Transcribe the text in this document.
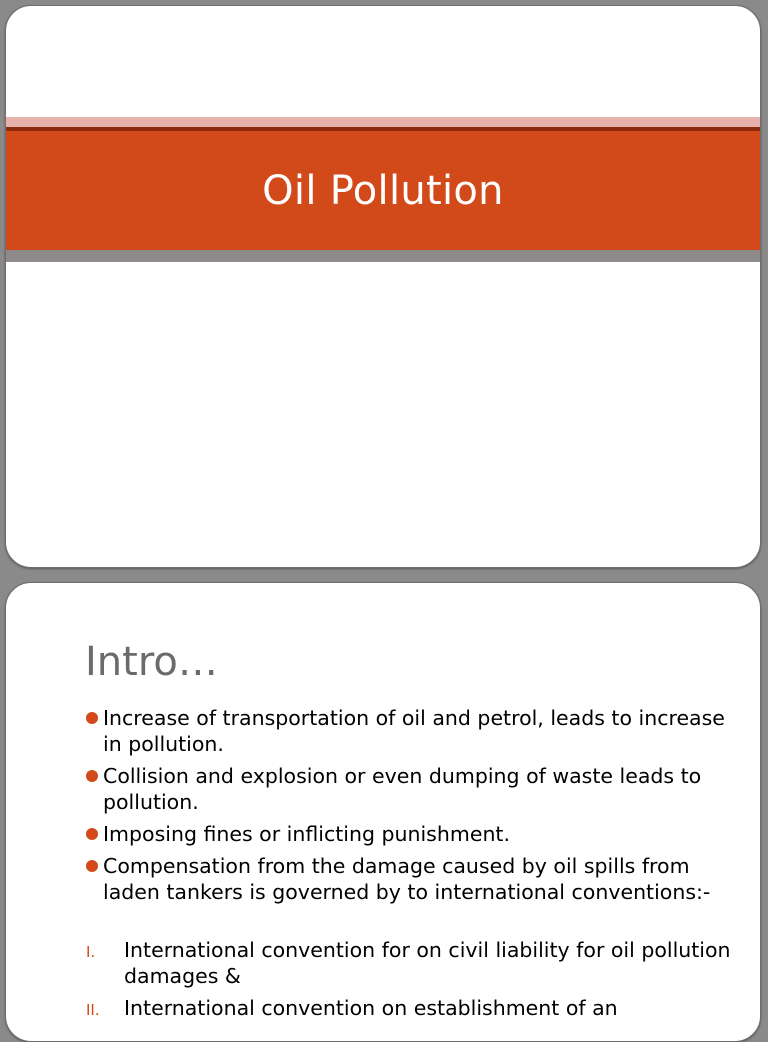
Oil Pollution
Intro…
Increase of transportation of oil and petrol, leads to increase in pollution.
Collision and explosion or even dumping of waste leads to pollution.
Imposing fines or inflicting punishment.
Compensation from the damage caused by oil spills from laden tankers is governed by to international conventions:-
I. International convention for on civil liability for oil pollution damages &
II. International convention on establishment of an
